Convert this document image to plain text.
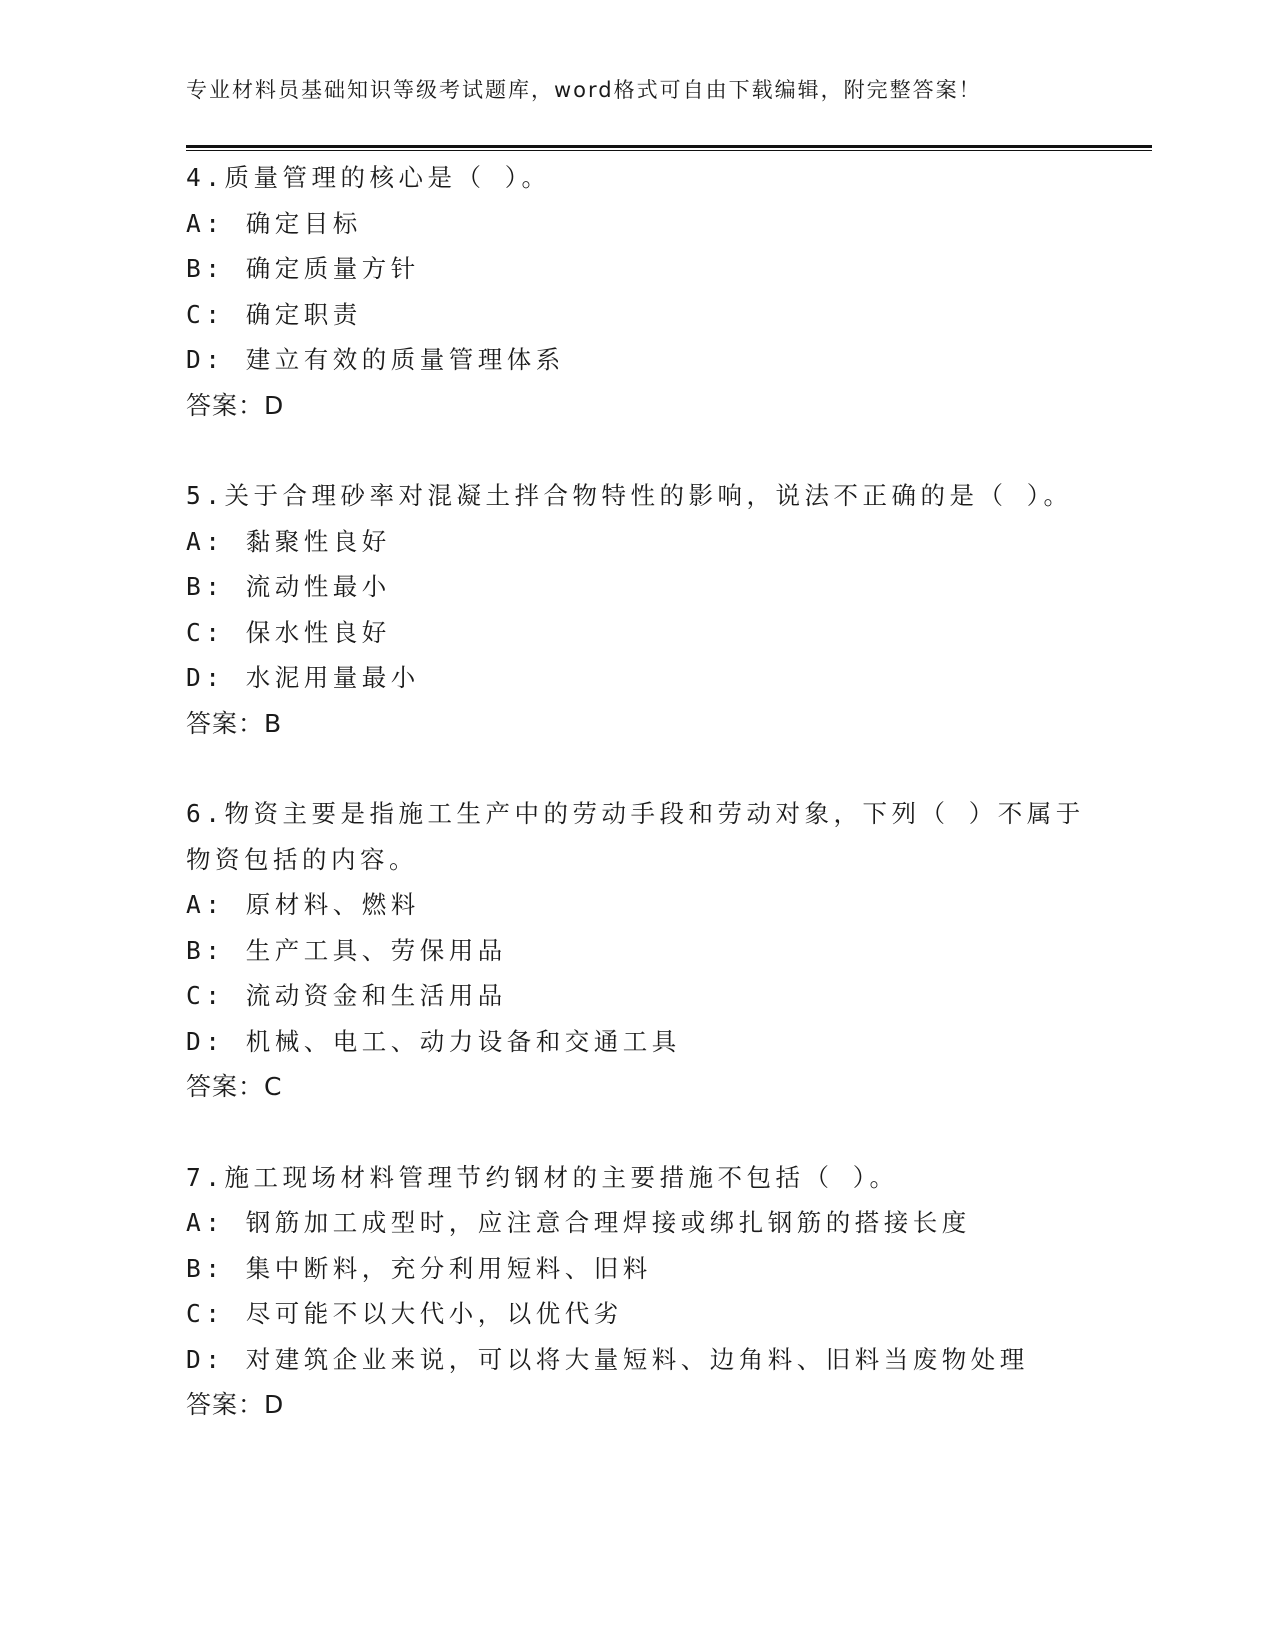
专业材料员基础知识等级考试题库，word格式可自由下载编辑，附完整答案！
4.质量管理的核心是（ ）。
A: 确定目标
B: 确定质量方针
C: 确定职责
D: 建立有效的质量管理体系
答案：D
5.关于合理砂率对混凝土拌合物特性的影响，说法不正确的是（ ）。
A: 黏聚性良好
B: 流动性最小
C: 保水性良好
D: 水泥用量最小
答案：B
6.物资主要是指施工生产中的劳动手段和劳动对象，下列（ ）不属于
物资包括的内容。
A: 原材料、燃料
B: 生产工具、劳保用品
C: 流动资金和生活用品
D: 机械、电工、动力设备和交通工具
答案：C
7.施工现场材料管理节约钢材的主要措施不包括（ ）。
A: 钢筋加工成型时，应注意合理焊接或绑扎钢筋的搭接长度
B: 集中断料，充分利用短料、旧料
C: 尽可能不以大代小，以优代劣
D: 对建筑企业来说，可以将大量短料、边角料、旧料当废物处理
答案：D
